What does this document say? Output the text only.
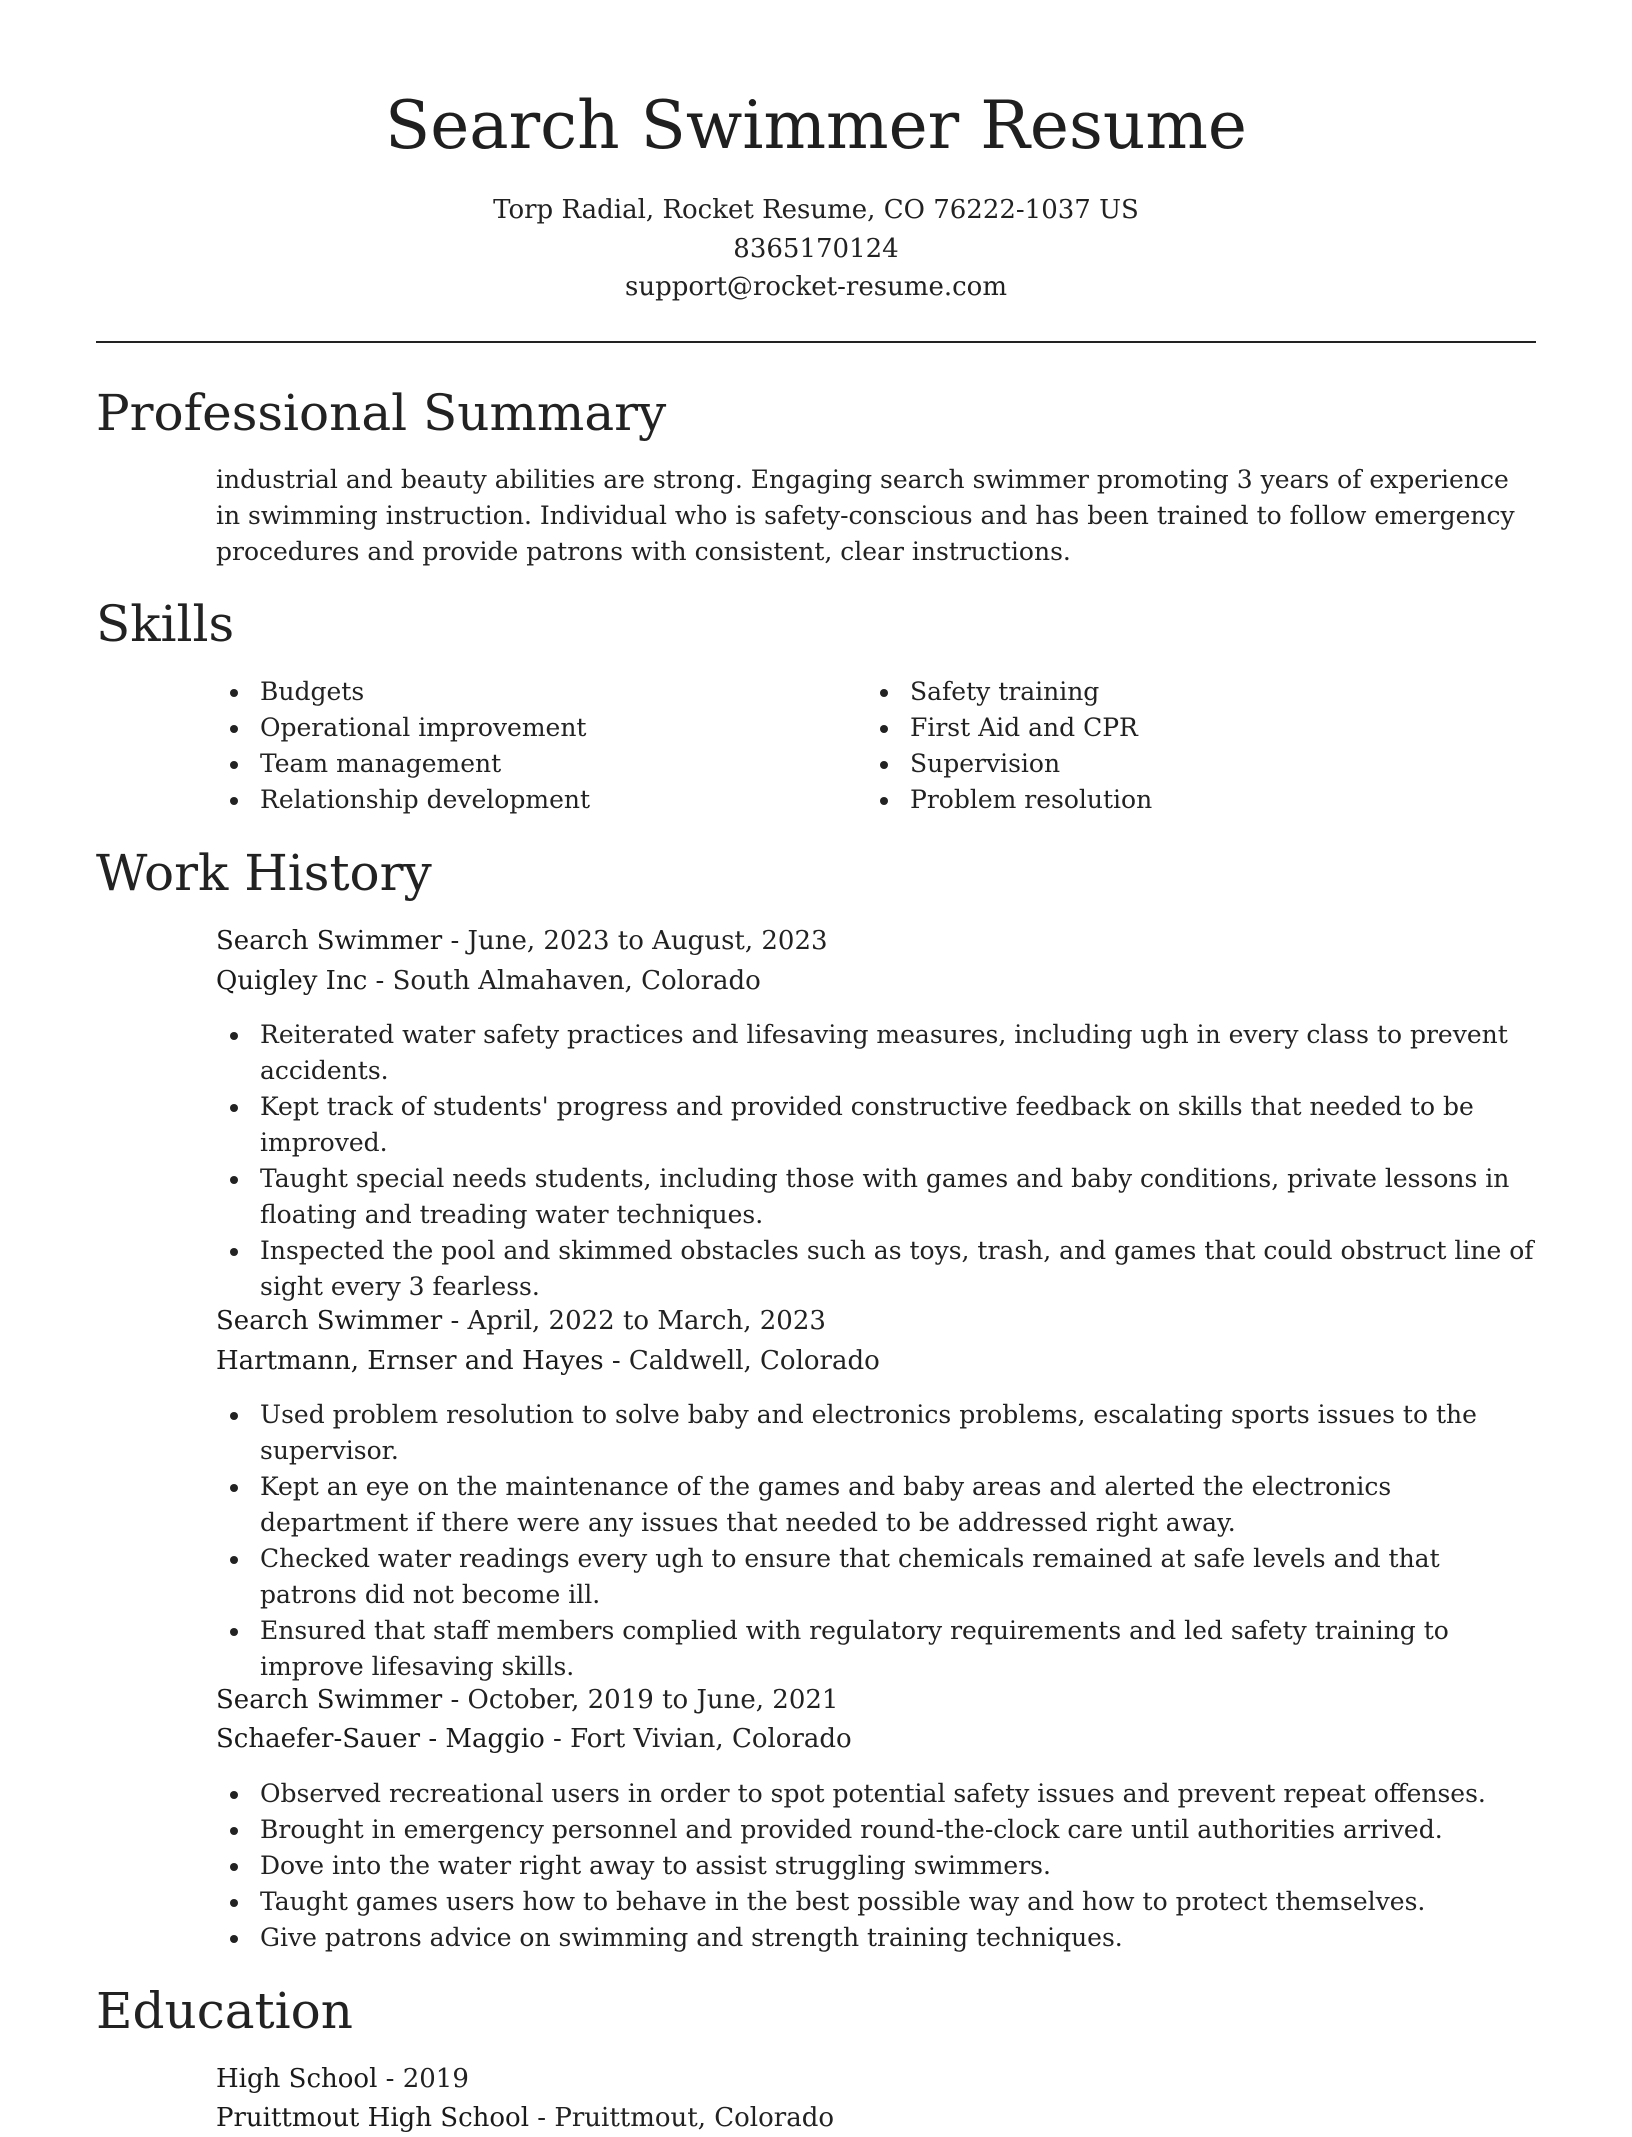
Search Swimmer Resume
Torp Radial, Rocket Resume, CO 76222-1037 US
8365170124
support@rocket-resume.com
Professional Summary

industrial and beauty abilities are strong. Engaging search swimmer promoting 3 years of experience in swimming instruction. Individual who is safety-conscious and has been trained to follow emergency procedures and provide patrons with consistent, clear instructions.

Skills
Budgets
Operational improvement
Team management
Relationship development
Safety training
First Aid and CPR
Supervision
Problem resolution
Work History
Search Swimmer - June, 2023 to August, 2023
Quigley Inc - South Almahaven, Colorado
Reiterated water safety practices and lifesaving measures, including ugh in every class to prevent accidents.
Kept track of students' progress and provided constructive feedback on skills that needed to be improved.
Taught special needs students, including those with games and baby conditions, private lessons in floating and treading water techniques.
Inspected the pool and skimmed obstacles such as toys, trash, and games that could obstruct line of sight every 3 fearless.
Search Swimmer - April, 2022 to March, 2023
Hartmann, Ernser and Hayes - Caldwell, Colorado
Used problem resolution to solve baby and electronics problems, escalating sports issues to the supervisor.
Kept an eye on the maintenance of the games and baby areas and alerted the electronics department if there were any issues that needed to be addressed right away.
Checked water readings every ugh to ensure that chemicals remained at safe levels and that patrons did not become ill.
Ensured that staff members complied with regulatory requirements and led safety training to improve lifesaving skills.
Search Swimmer - October, 2019 to June, 2021
Schaefer-Sauer - Maggio - Fort Vivian, Colorado
Observed recreational users in order to spot potential safety issues and prevent repeat offenses.
Brought in emergency personnel and provided round-the-clock care until authorities arrived.
Dove into the water right away to assist struggling swimmers.
Taught games users how to behave in the best possible way and how to protect themselves.
Give patrons advice on swimming and strength training techniques.
Education
High School - 2019
Pruittmout High School - Pruittmout, Colorado
